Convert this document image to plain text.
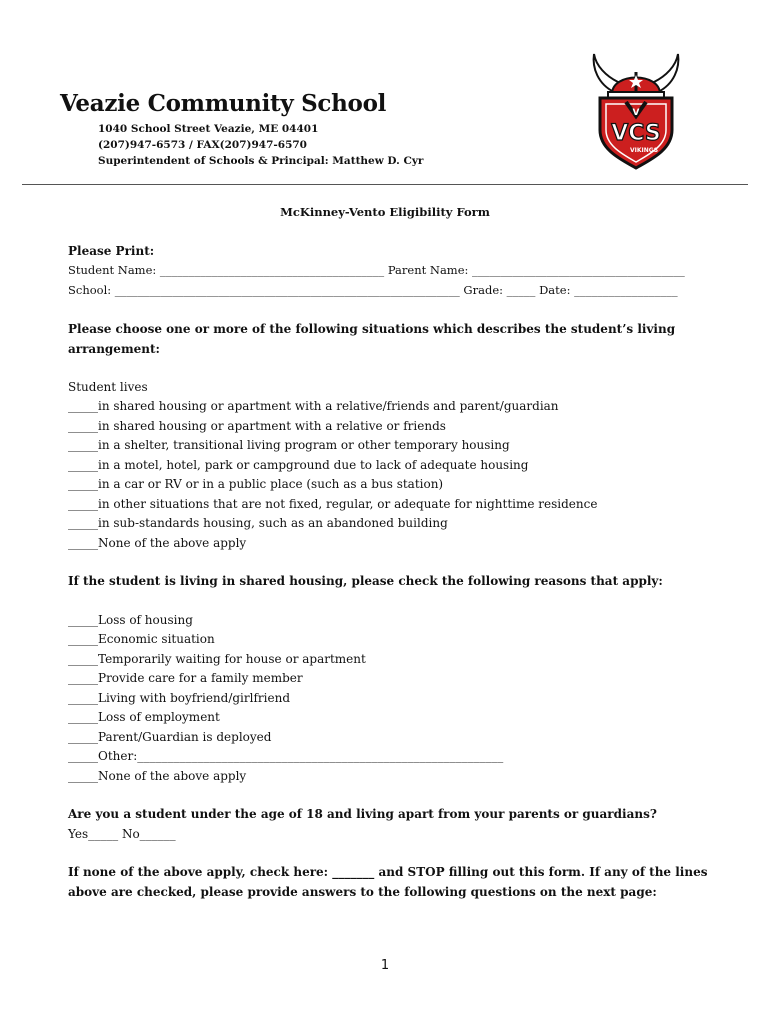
Veazie Community School
1040 School Street Veazie, ME 04401
(207)947-6573 / FAX(207)947-6570
Superintendent of Schools & Principal: Matthew D. Cyr
V
VCS
VIKINGS
McKinney-Vento Eligibility Form
Please Print:
Student Name: _______________________________________ Parent Name: _____________________________________
School: ____________________________________________________________ Grade: _____ Date: __________________
Please choose one or more of the following situations which describes the student’s living
arrangement:
Student lives
_____in shared housing or apartment with a relative/friends and parent/guardian
_____in shared housing or apartment with a relative or friends
_____in a shelter, transitional living program or other temporary housing
_____in a motel, hotel, park or campground due to lack of adequate housing
_____in a car or RV or in a public place (such as a bus station)
_____in other situations that are not fixed, regular, or adequate for nighttime residence
_____in sub-standards housing, such as an abandoned building
_____None of the above apply
If the student is living in shared housing, please check the following reasons that apply:
_____Loss of housing
_____Economic situation
_____Temporarily waiting for house or apartment
_____Provide care for a family member
_____Living with boyfriend/girlfriend
_____Loss of employment
_____Parent/Guardian is deployed
_____Other:_____________________________________________________________
_____None of the above apply
Are you a student under the age of 18 and living apart from your parents or guardians?
Yes_____ No______
If none of the above apply, check here: _______ and STOP filling out this form. If any of the lines
above are checked, please provide answers to the following questions on the next page:
1
